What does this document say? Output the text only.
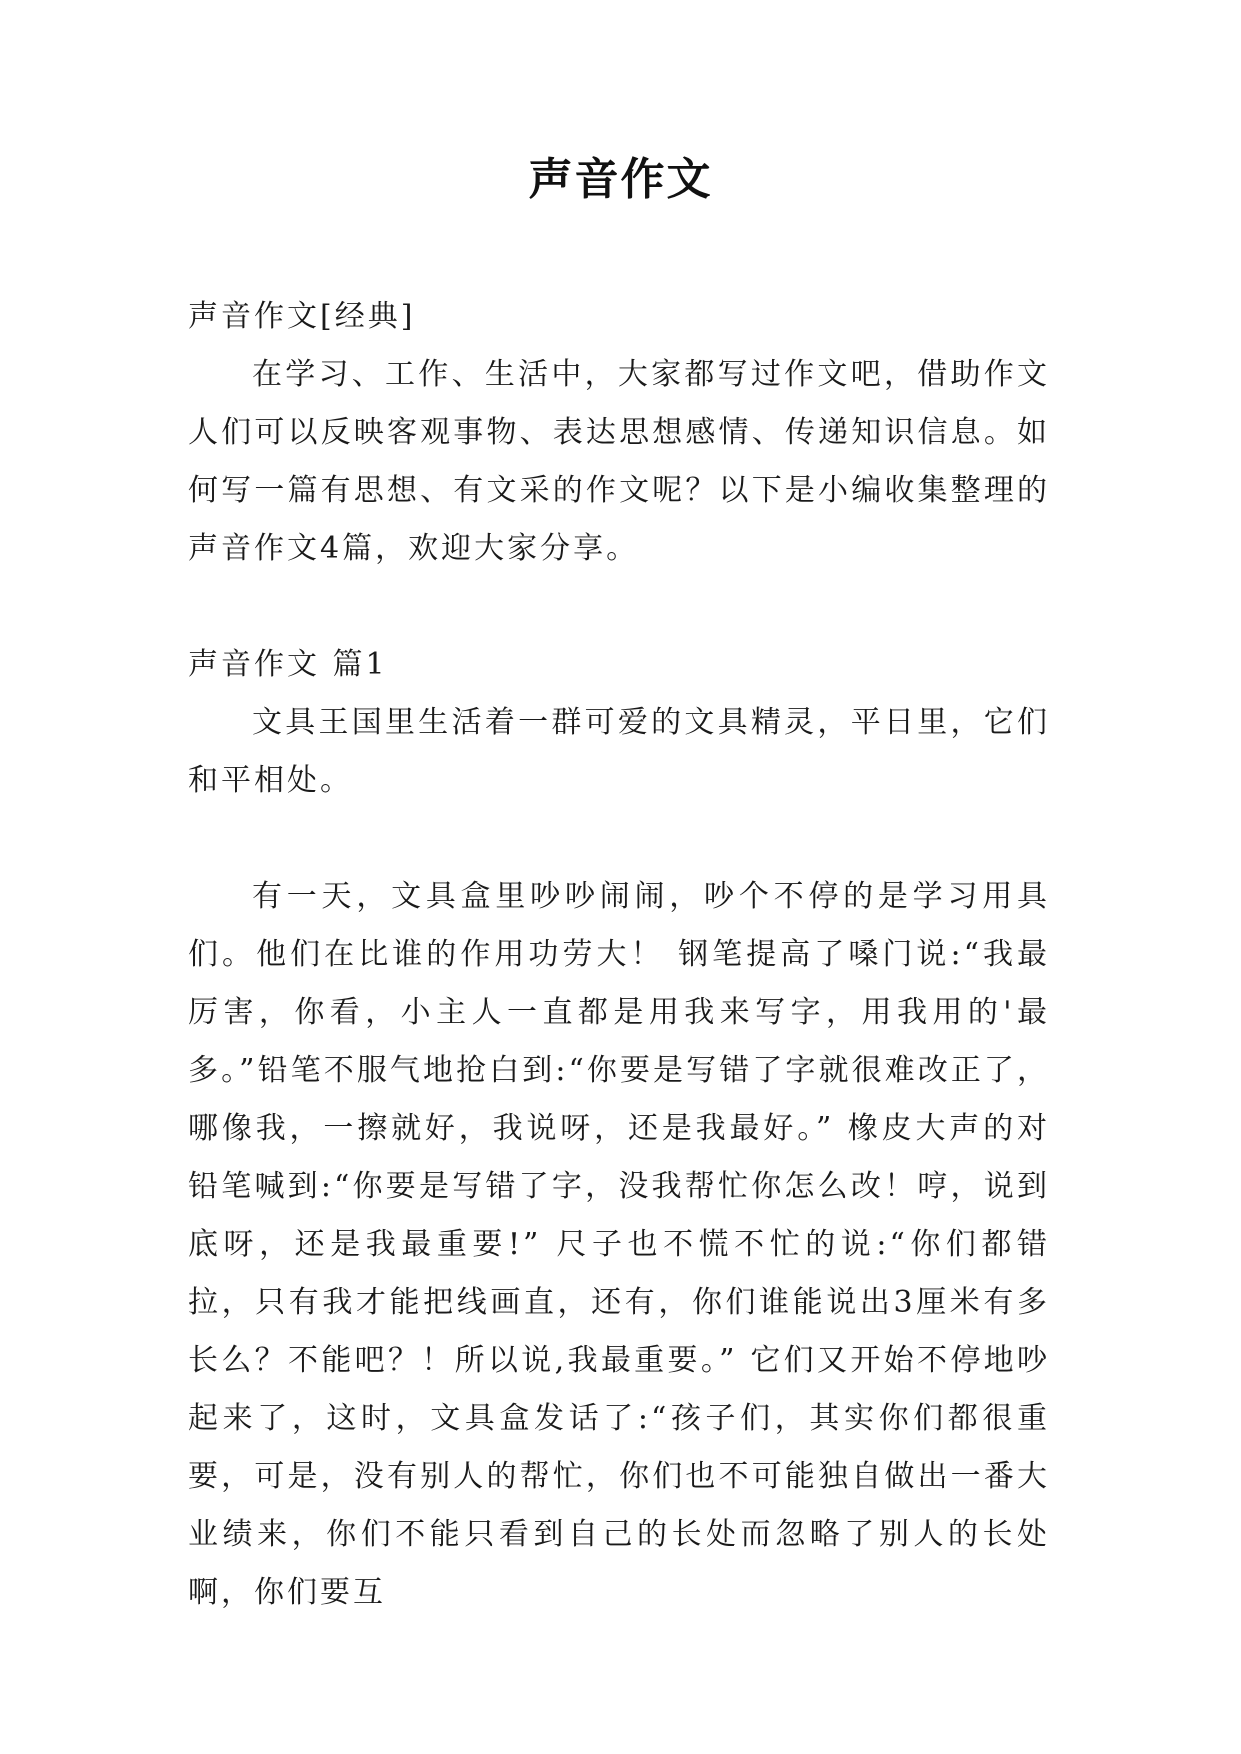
声音作文

声音作文[经典]

在学习、工作、生活中，大家都写过作文吧，借助作文人们可以反映客观事物、表达思想感情、传递知识信息。如何写一篇有思想、有文采的作文呢？以下是小编收集整理的声音作文4篇，欢迎大家分享。

声音作文 篇1

文具王国里生活着一群可爱的文具精灵，平日里，它们和平相处。

有一天，文具盒里吵吵闹闹，吵个不停的是学习用具们。他们在比谁的作用功劳大！ 钢笔提高了嗓门说:“我最厉害，你看，小主人一直都是用我来写字，用我用的'最多。”铅笔不服气地抢白到:“你要是写错了字就很难改正了，哪像我，一擦就好，我说呀，还是我最好。” 橡皮大声的对铅笔喊到:“你要是写错了字，没我帮忙你怎么改！哼，说到底呀，还是我最重要!” 尺子也不慌不忙的说:“你们都错拉，只有我才能把线画直，还有，你们谁能说出3厘米有多长么？不能吧？！所以说,我最重要。” 它们又开始不停地吵起来了，这时，文具盒发话了:“孩子们，其实你们都很重要，可是，没有别人的帮忙，你们也不可能独自做出一番大业绩来，你们不能只看到自己的长处而忽略了别人的长处啊，你们要互
